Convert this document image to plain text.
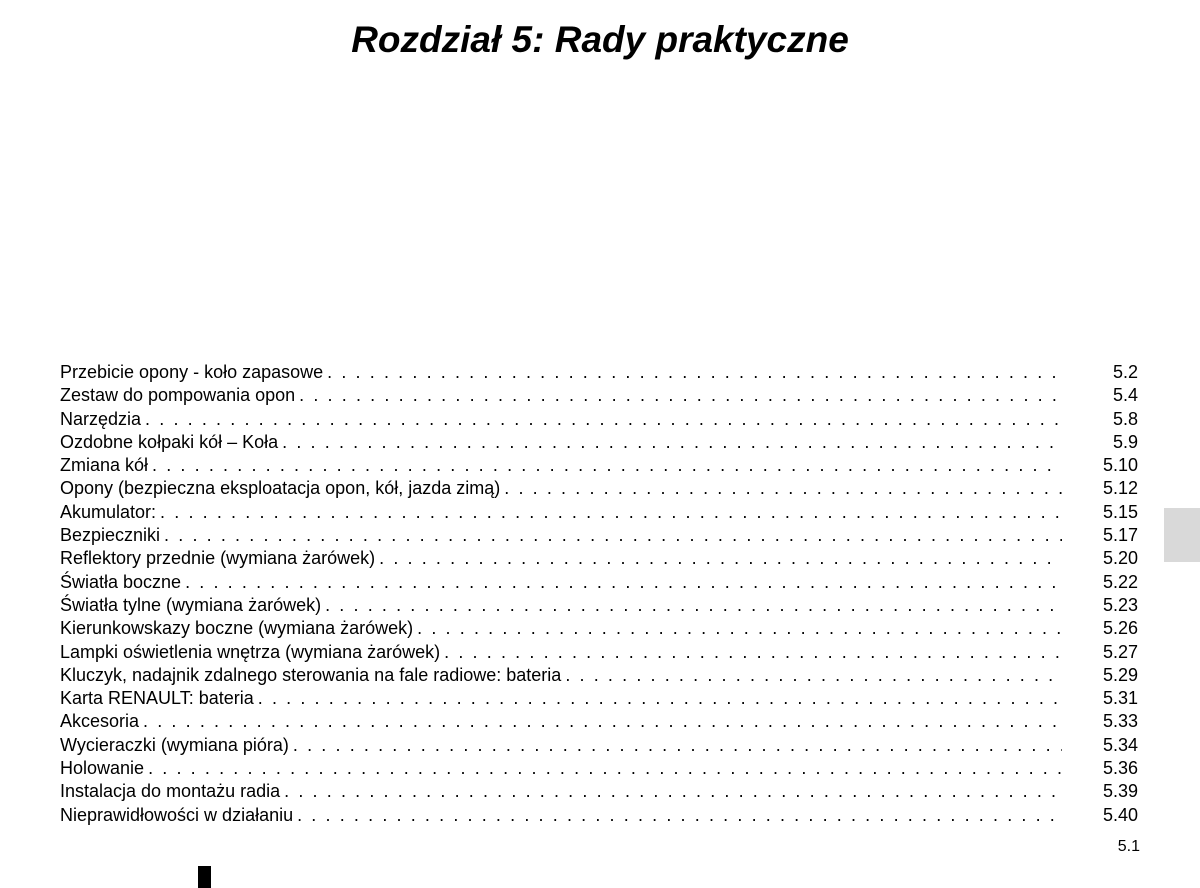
Rozdział 5: Rady praktyczne
Przebicie opony - koło zapasowe . . .	5.2
Zestaw do pompowania opon . . .	5.4
Narzędzia . . .	5.8
Ozdobne kołpaki kół – Koła . . .	5.9
Zmiana kół . . .	5.10
Opony (bezpieczna eksploatacja opon, kół, jazda zimą) . . .	5.12
Akumulator: . . .	5.15
Bezpieczniki . . .	5.17
Reflektory przednie (wymiana żarówek) . . .	5.20
Światła boczne . . .	5.22
Światła tylne (wymiana żarówek) . . .	5.23
Kierunkowskazy boczne (wymiana żarówek) . . .	5.26
Lampki oświetlenia wnętrza (wymiana żarówek) . . .	5.27
Kluczyk, nadajnik zdalnego sterowania na fale radiowe: bateria . . .	5.29
Karta RENAULT: bateria . . .	5.31
Akcesoria . . .	5.33
Wycieraczki (wymiana pióra) . . .	5.34
Holowanie . . .	5.36
Instalacja do montażu radia . . .	5.39
Nieprawidłowości w działaniu . . .	5.40
5.1
